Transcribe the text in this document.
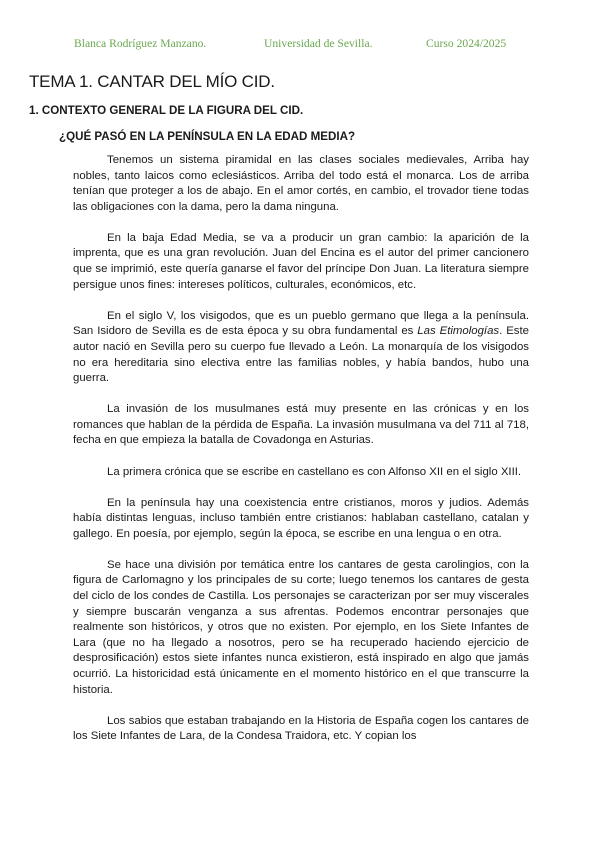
Blanca Rodríguez Manzano.	Universidad de Sevilla.	Curso 2024/2025
TEMA 1. CANTAR DEL MÍO CID.
1. CONTEXTO GENERAL DE LA FIGURA DEL CID.
¿QUÉ PASÓ EN LA PENÍNSULA EN LA EDAD MEDIA?

Tenemos un sistema piramidal en las clases sociales medievales, Arriba hay nobles, tanto laicos como eclesiásticos. Arriba del todo está el monarca. Los de arriba tenían que proteger a los de abajo. En el amor cortés, en cambio, el trovador tiene todas las obligaciones con la dama, pero la dama ninguna.

En la baja Edad Media, se va a producir un gran cambio: la aparición de la imprenta, que es una gran revolución. Juan del Encina es el autor del primer cancionero que se imprimió, este quería ganarse el favor del príncipe Don Juan. La literatura siempre persigue unos fines: intereses políticos, culturales, económicos, etc.

En el siglo V, los visigodos, que es un pueblo germano que llega a la península. San Isidoro de Sevilla es de esta época y su obra fundamental es Las Etimologías. Este autor nació en Sevilla pero su cuerpo fue llevado a León. La monarquía de los visigodos no era hereditaria sino electiva entre las familias nobles, y había bandos, hubo una guerra.

La invasión de los musulmanes está muy presente en las crónicas y en los romances que hablan de la pérdida de España. La invasión musulmana va del 711 al 718, fecha en que empieza la batalla de Covadonga en Asturias.

La primera crónica que se escribe en castellano es con Alfonso XII en el siglo XIII.

En la península hay una coexistencia entre cristianos, moros y judios. Además había distintas lenguas, incluso también entre cristianos: hablaban castellano, catalan y gallego. En poesía, por ejemplo, según la época, se escribe en una lengua o en otra.

Se hace una división por temática entre los cantares de gesta carolingios, con la figura de Carlomagno y los principales de su corte; luego tenemos los cantares de gesta del ciclo de los condes de Castilla. Los personajes se caracterizan por ser muy viscerales y siempre buscarán venganza a sus afrentas. Podemos encontrar personajes que realmente son históricos, y otros que no existen. Por ejemplo, en los Siete Infantes de Lara (que no ha llegado a nosotros, pero se ha recuperado haciendo ejercicio de desprosificación) estos siete infantes nunca existieron, está inspirado en algo que jamás ocurrió. La historicidad está únicamente en el momento histórico en el que transcurre la historia.

Los sabios que estaban trabajando en la Historia de España cogen los cantares de los Siete Infantes de Lara, de la Condesa Traidora, etc. Y copian los
